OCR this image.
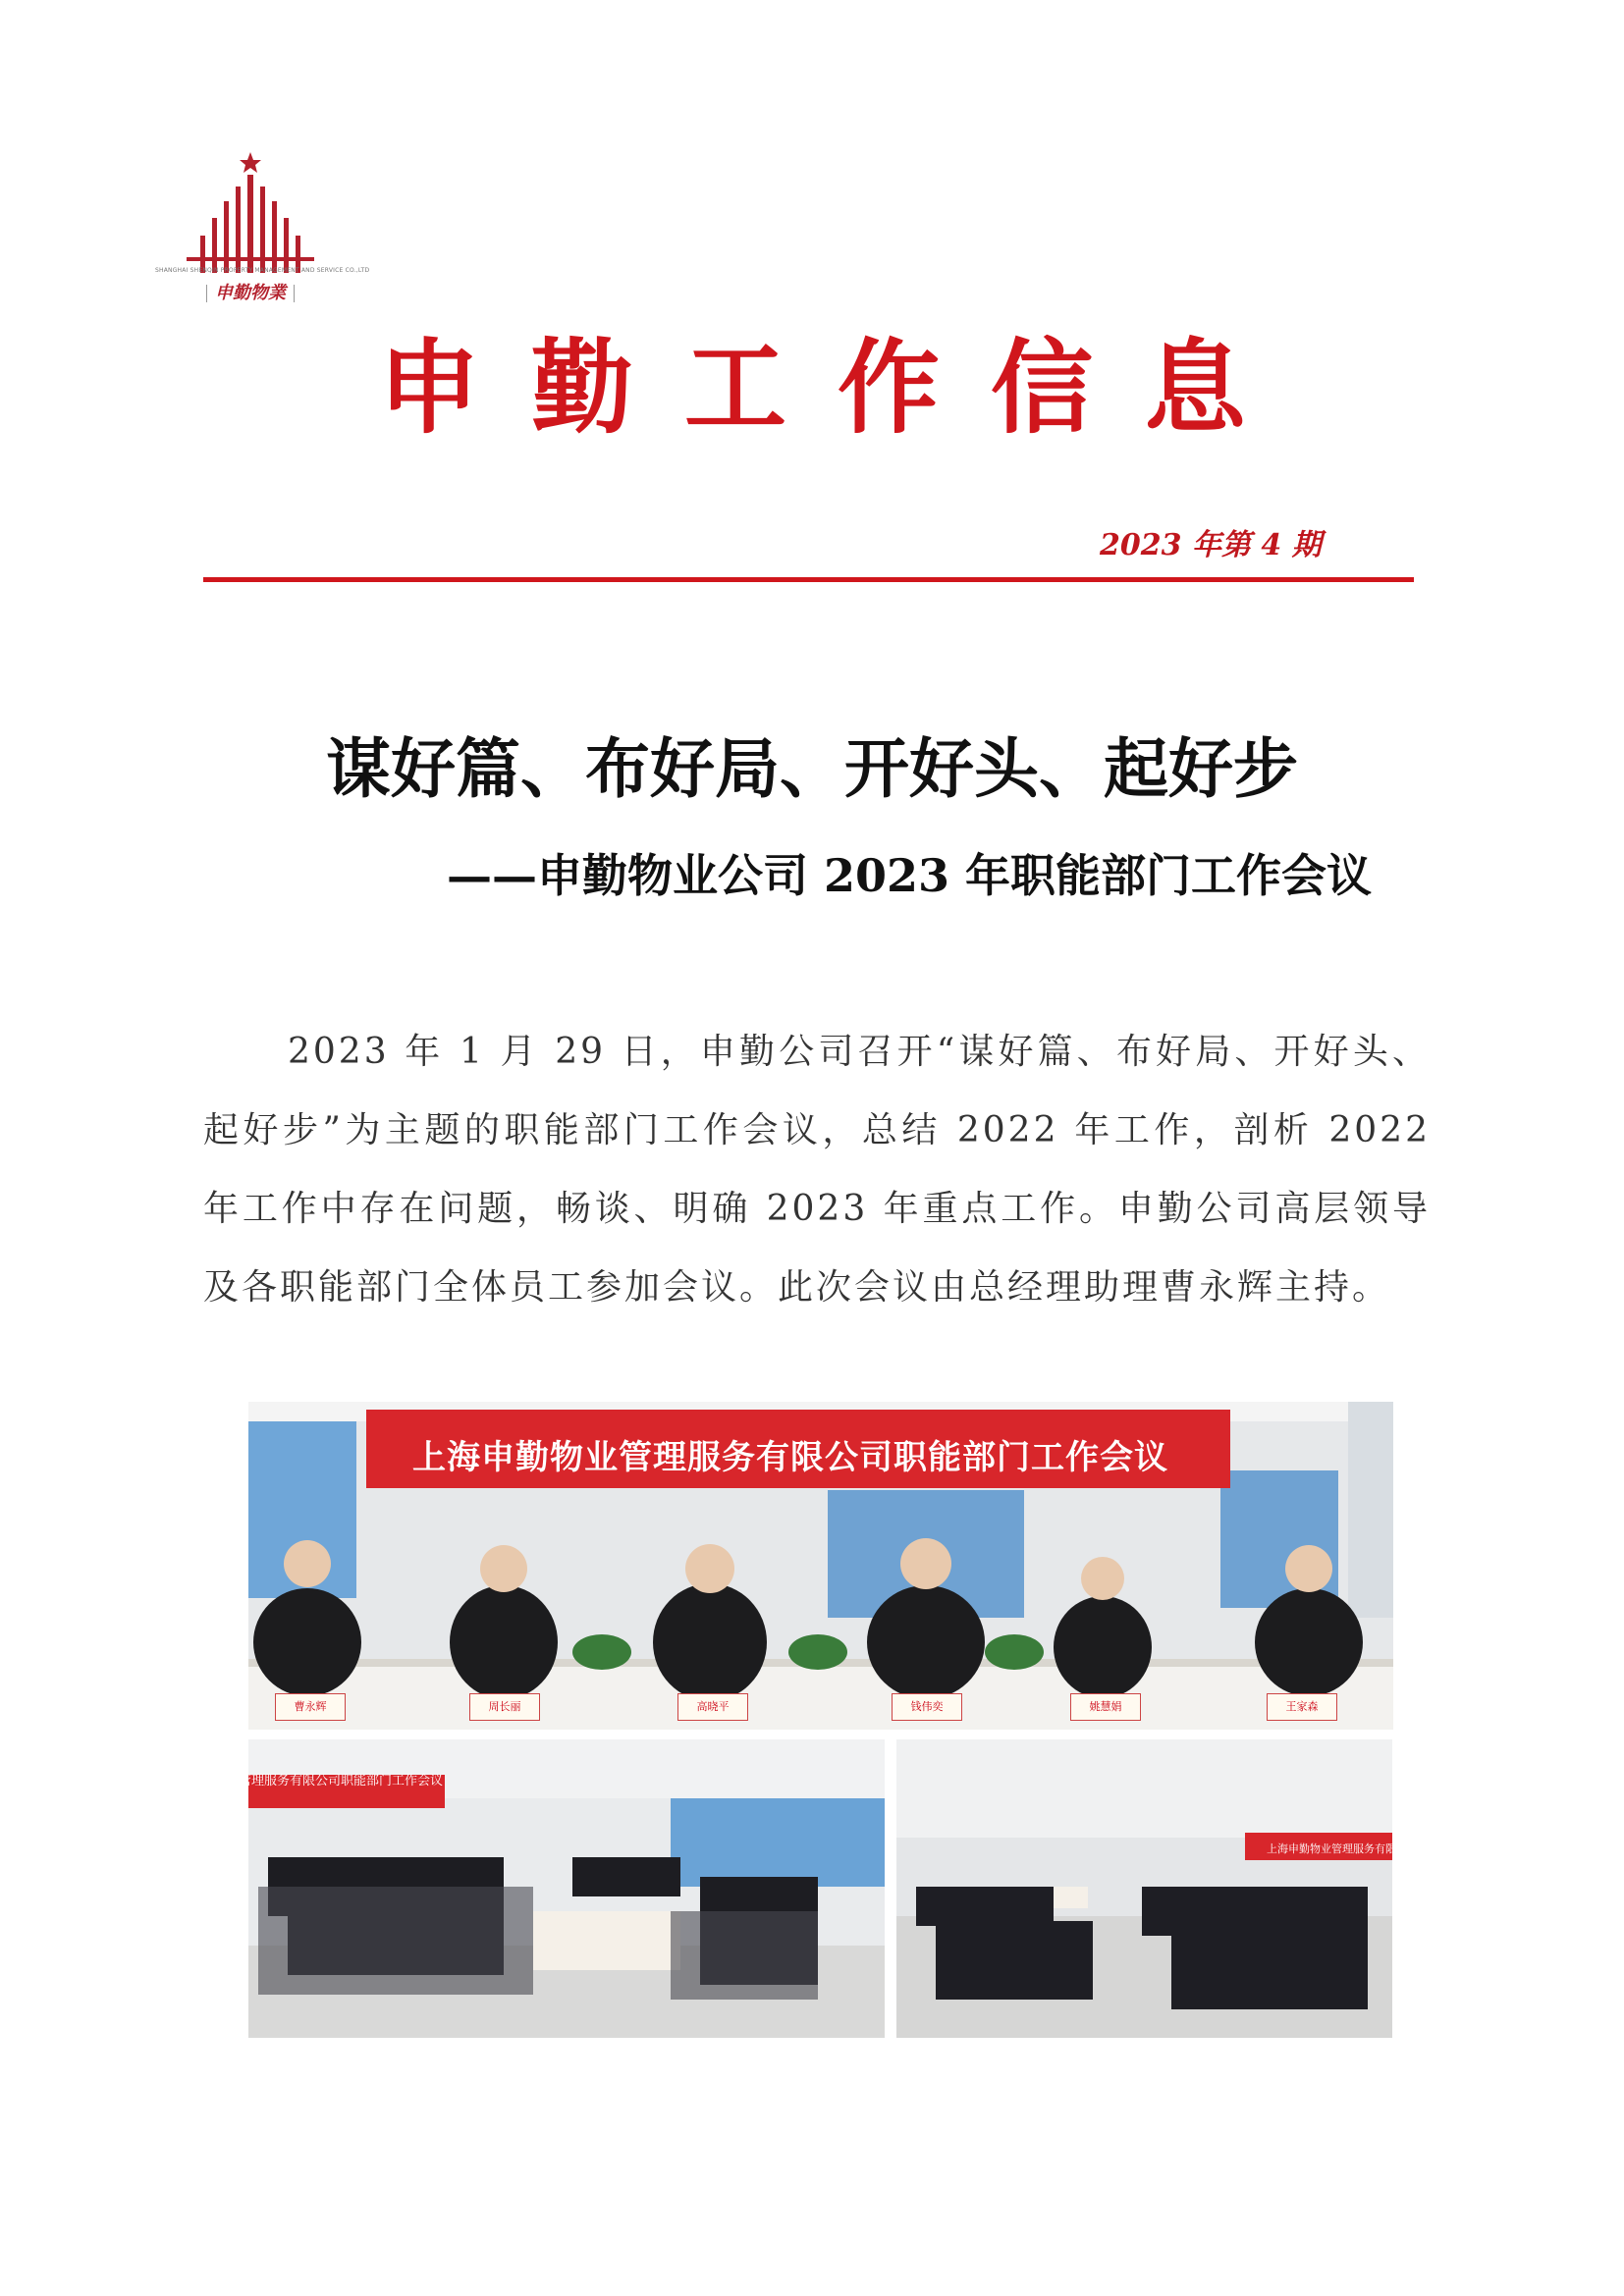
SHANGHAI SHENQIN PROPERTY MANAGEMENT AND SERVICE CO.,LTD
申勤物業
申勤工作信息
2023 年第 4 期
谋好篇、布好局、开好头、起好步
——申勤物业公司 2023 年职能部门工作会议

2023 年 1 月 29 日，申勤公司召开“谋好篇、布好局、开好头、起好步”为主题的职能部门工作会议，总结 2022 年工作，剖析 2022 年工作中存在问题，畅谈、明确 2023 年重点工作。申勤公司高层领导及各职能部门全体员工参加会议。此次会议由总经理助理曹永辉主持。

上海申勤物业管理服务有限公司职能部门工作会议
曹永辉	周长丽	高晓平	钱伟奕	姚慧娟	王家森
业管理服务有限公司职能部门工作会议
上海申勤物业管理服务有限公司职能部门工作会议
